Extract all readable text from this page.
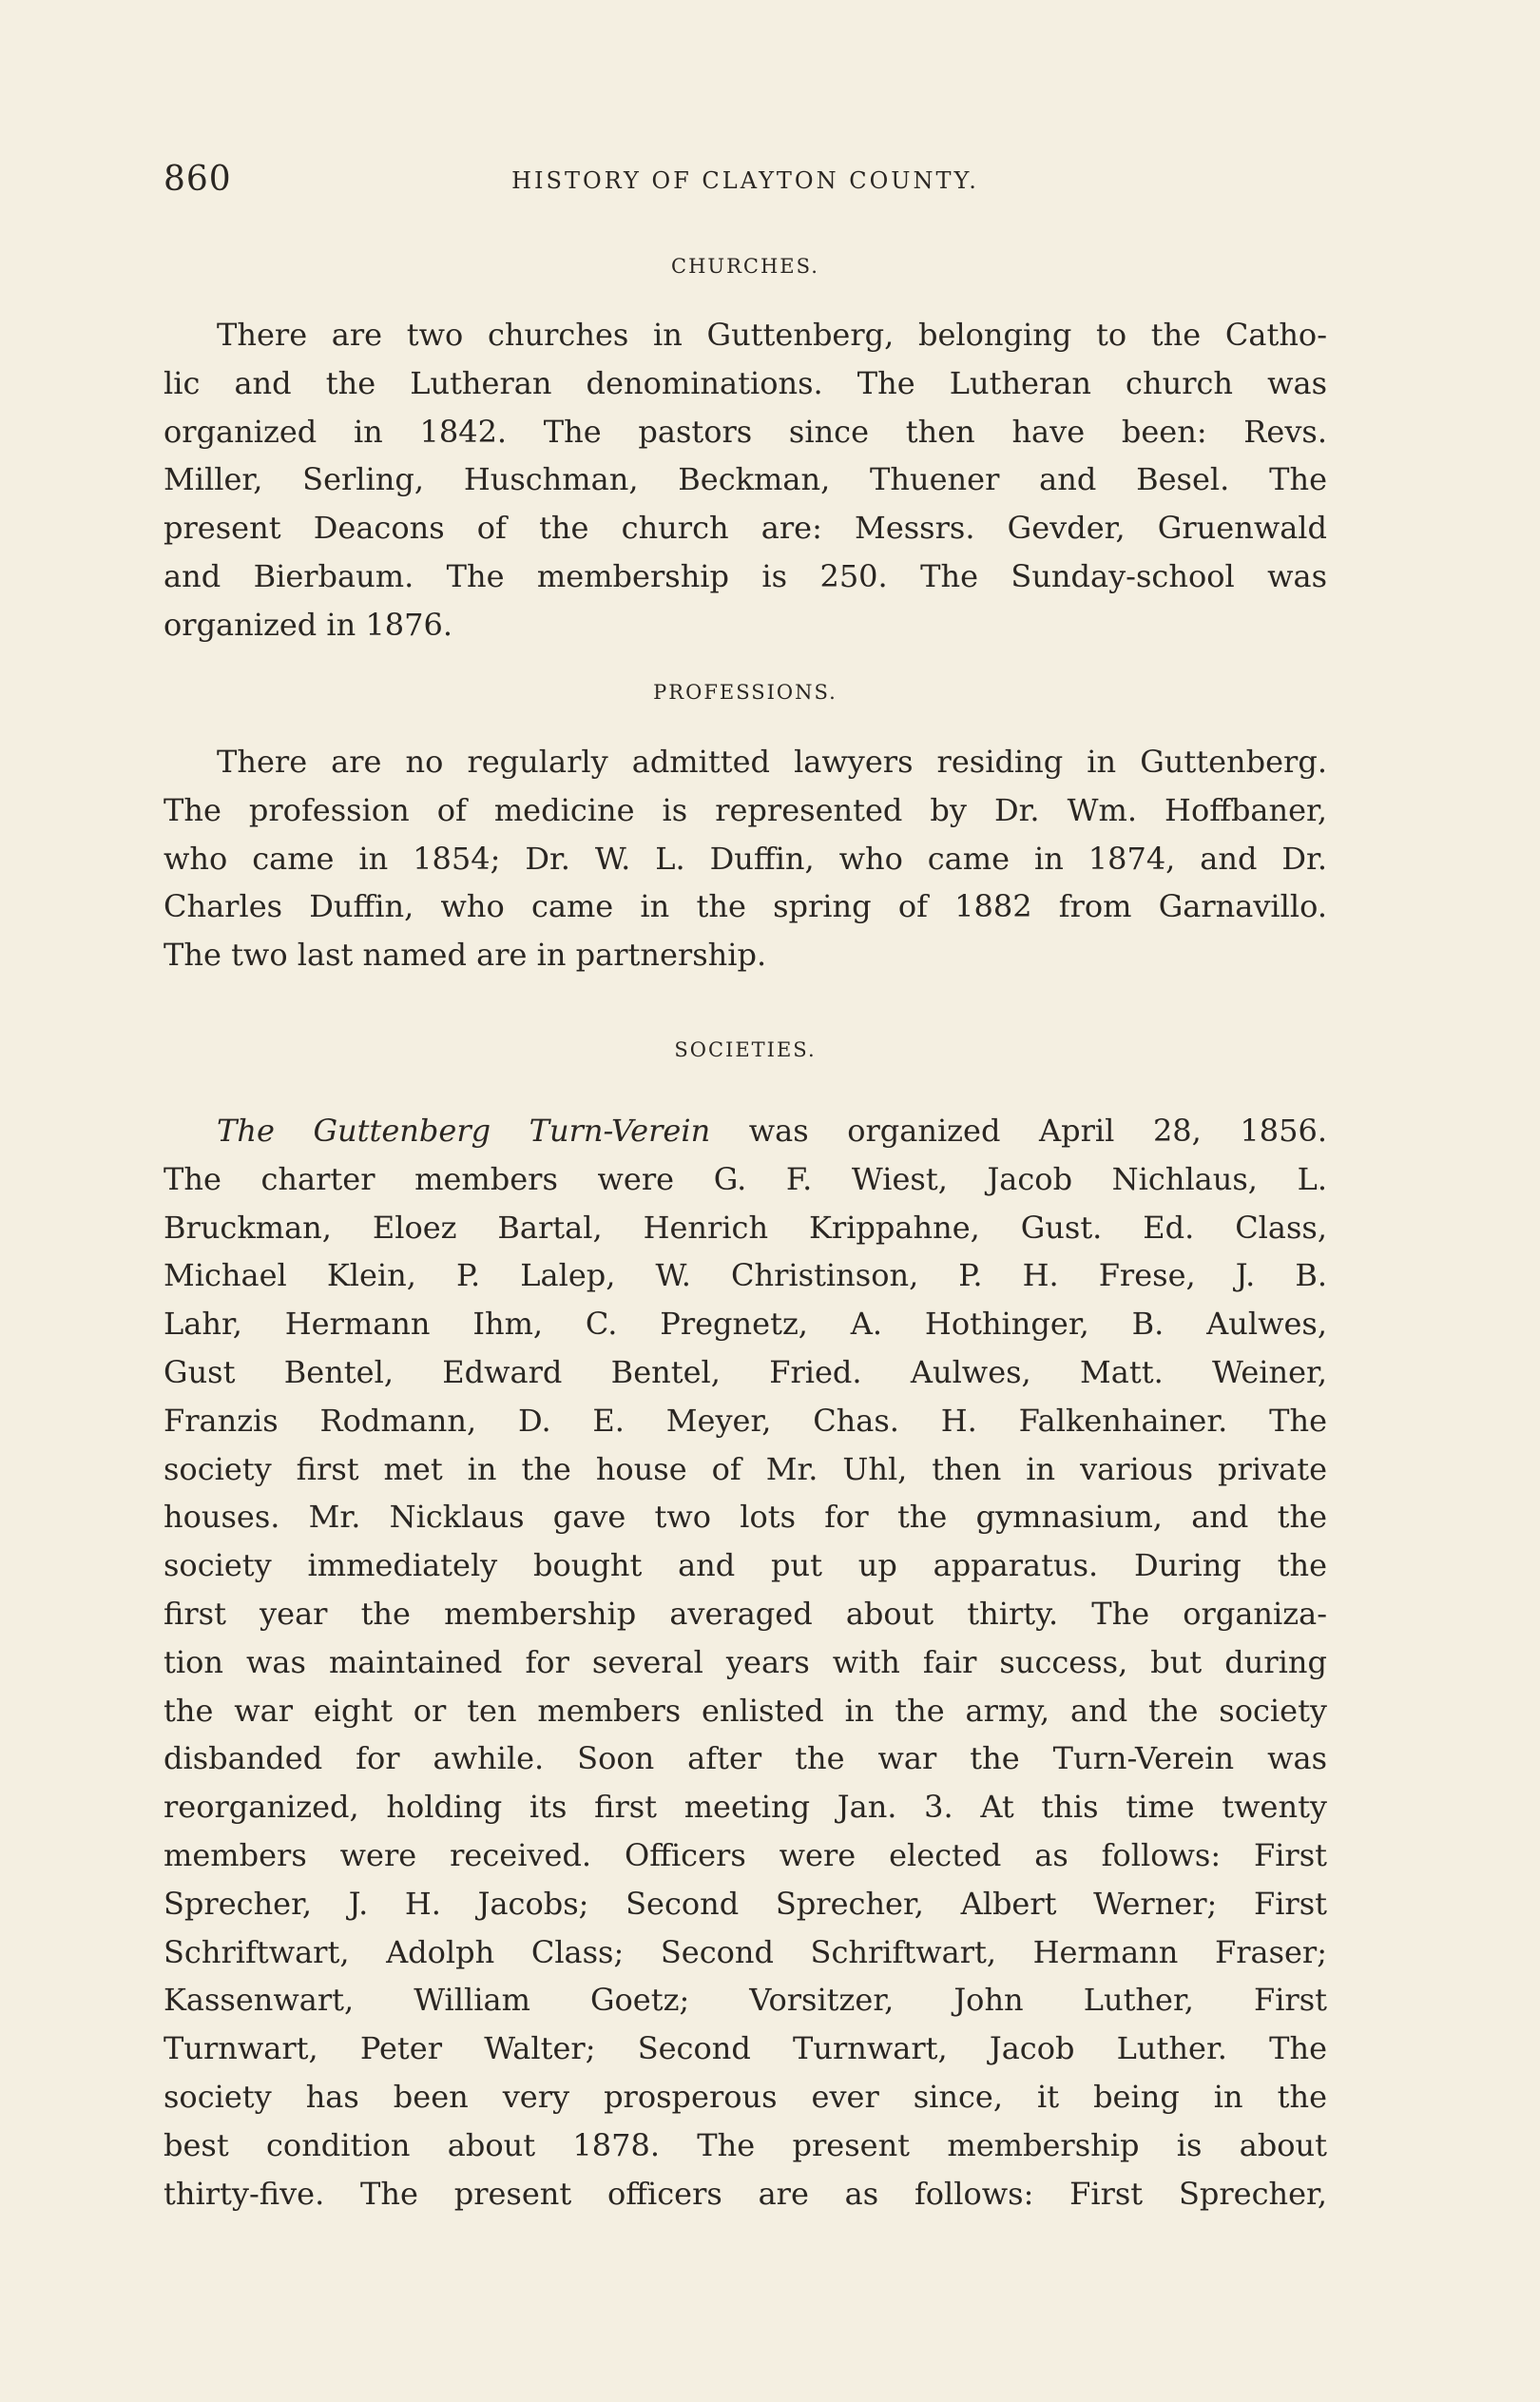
860	HISTORY OF CLAYTON COUNTY.
CHURCHES.
There are two churches in Guttenberg, belonging to the Catho-
lic and the Lutheran denominations. The Lutheran church was
organized in 1842. The pastors since then have been: Revs.
Miller, Serling, Huschman, Beckman, Thuener and Besel. The
present Deacons of the church are: Messrs. Gevder, Gruenwald
and Bierbaum. The membership is 250. The Sunday-school was
organized in 1876.
PROFESSIONS.
There are no regularly admitted lawyers residing in Guttenberg.
The profession of medicine is represented by Dr. Wm. Hoffbaner,
who came in 1854; Dr. W. L. Duffin, who came in 1874, and Dr.
Charles Duffin, who came in the spring of 1882 from Garnavillo.
The two last named are in partnership.
SOCIETIES.
The Guttenberg Turn-Verein was organized April 28, 1856.
The charter members were G. F. Wiest, Jacob Nichlaus, L.
Bruckman, Eloez Bartal, Henrich Krippahne, Gust. Ed. Class,
Michael Klein, P. Lalep, W. Christinson, P. H. Frese, J. B.
Lahr, Hermann Ihm, C. Pregnetz, A. Hothinger, B. Aulwes,
Gust Bentel, Edward Bentel, Fried. Aulwes, Matt. Weiner,
Franzis Rodmann, D. E. Meyer, Chas. H. Falkenhainer. The
society first met in the house of Mr. Uhl, then in various private
houses. Mr. Nicklaus gave two lots for the gymnasium, and the
society immediately bought and put up apparatus. During the
first year the membership averaged about thirty. The organiza-
tion was maintained for several years with fair success, but during
the war eight or ten members enlisted in the army, and the society
disbanded for awhile. Soon after the war the Turn-Verein was
reorganized, holding its first meeting Jan. 3. At this time twenty
members were received. Officers were elected as follows: First
Sprecher, J. H. Jacobs; Second Sprecher, Albert Werner; First
Schriftwart, Adolph Class; Second Schriftwart, Hermann Fraser;
Kassenwart, William Goetz; Vorsitzer, John Luther, First
Turnwart, Peter Walter; Second Turnwart, Jacob Luther. The
society has been very prosperous ever since, it being in the
best condition about 1878. The present membership is about
thirty-five. The present officers are as follows: First Sprecher,
